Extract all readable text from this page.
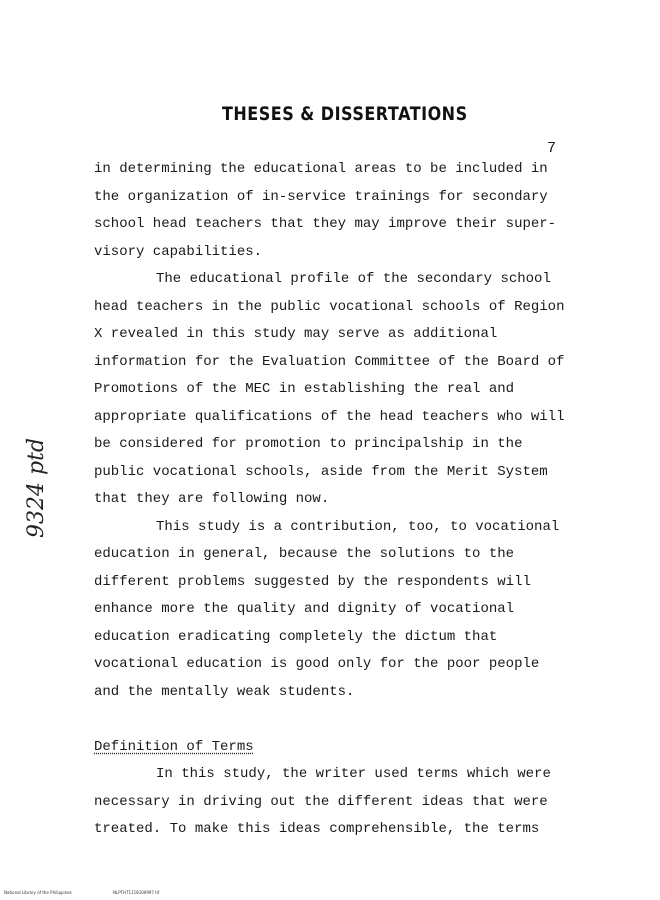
THESES & DISSERTATIONS
7
9324 ptd
in determining the educational areas to be included in
the organization of in-service trainings for secondary
school head teachers that they may improve their super-
visory capabilities.
The educational profile of the secondary school
head teachers in the public vocational schools of Region
X revealed in this study may serve as additional
information for the Evaluation Committee of the Board of
Promotions of the MEC in establishing the real and
appropriate qualifications of the head teachers who will
be considered for promotion to principalship in the
public vocational schools, aside from the Merit System
that they are following now.
This study is a contribution, too, to vocational
education in general, because the solutions to the
different problems suggested by the respondents will
enhance more the quality and dignity of vocational
education eradicating completely the dictum that
vocational education is good only for the poor people
and the mentally weak students.
Definition of Terms
In this study, the writer used terms which were
necessary in driving out the different ideas that were
treated. To make this ideas comprehensible, the terms
National Library of the Philippines	NLPTHT1118100997 tif
